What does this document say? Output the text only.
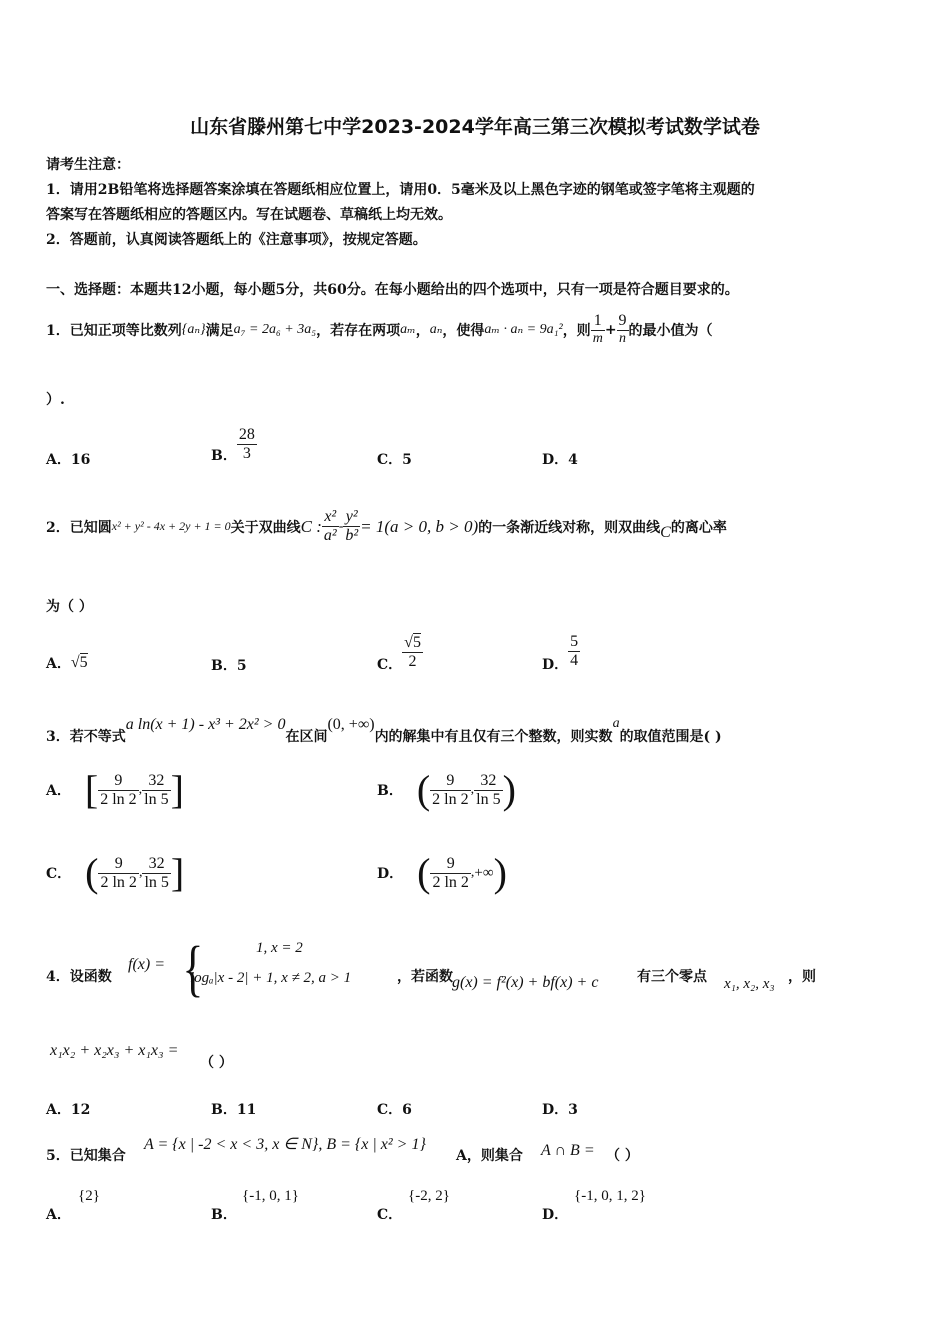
山东省滕州第七中学2023-2024学年高三第三次模拟考试数学试卷
请考生注意：
1．请用2B铅笔将选择题答案涂填在答题纸相应位置上，请用0．5毫米及以上黑色字迹的钢笔或签字笔将主观题的
答案写在答题纸相应的答题区内。写在试题卷、草稿纸上均无效。
2．答题前，认真阅读答题纸上的《注意事项》，按规定答题。
一、选择题：本题共12小题，每小题5分，共60分。在每小题给出的四个选项中，只有一项是符合题目要求的。
1．已知正项等比数列 {aₙ} 满足 a₇ = 2a₆ + 3a₅ ，若存在两项 aₘ ， aₙ ，使得 aₘ · aₙ = 9a₁² ，则 $\frac{1}{m} + \frac{9}{n}$ 的最小值为（
）.
A．16	B． $\frac{28}{3}$	C．5	D．4
2．已知圆 x² + y² - 4x + 2y + 1 = 0 关于双曲线 C : $\frac{\text{x²}}{\text{a²}} - \frac{\text{y²}}{\text{b²}} = 1(a > 0$, b > 0) 的一条渐近线对称，则双曲线 C 的离心率
为（ ）
A． √5	B．5	C． $\frac{√5}{2}$	D． $\frac{5}{4}$
3．若不等式
a ln(x + 1) - x³ + 2x² > 0
在区间
(0, +∞)
内的解集中有且仅有三个整数，则实数
a
的取值范围是( )
A． [ $\frac{9}{2 \ln 2}$ , $\frac{32}{\ln 5}$ ]	B． ( $\frac{9}{2 \ln 2}$ , $\frac{32}{\ln 5}$ )
C． ( $\frac{9}{2 \ln 2}$ , $\frac{32}{\ln 5}$ ]	D． ( $\frac{9}{2 \ln 2}$ , +∞ )
4．设函数
f(x) = {	1, x = 2
logₐ|x - 2| + 1, x ≠ 2, a > 1	，若函数 g(x) = f²(x) + bf(x) + c	有三个零点 x₁, x₂, x₃ ，则
x₁x₂ + x₂x₃ + x₁x₃ =
（ ）
A．12	B．11	C．6	D．3
5．已知集合
A = {x | -2 < x < 3, x ∈ N}, B = {x | x² > 1}
A，则集合 A ∩ B = （ ）
A．
{2}
B．
{-1, 0, 1}
C．
{-2, 2}
D．
{-1, 0, 1, 2}
